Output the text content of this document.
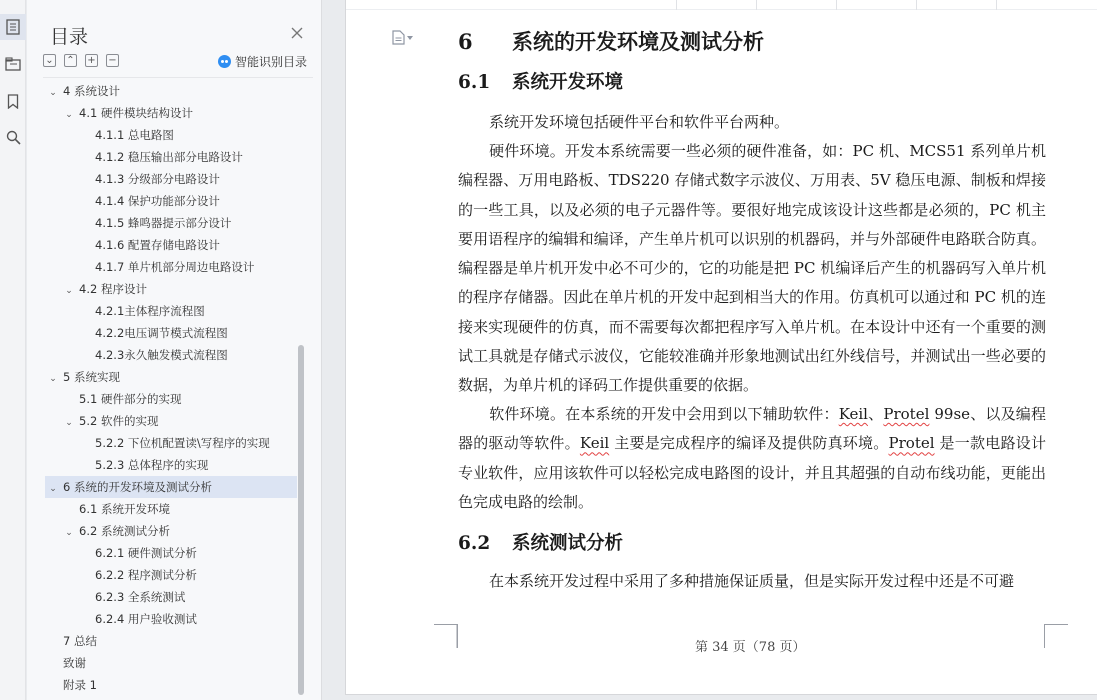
目录
⌄ ⌃ + −	智能识别目录
⌄ 4 系统设计
⌄ 4.1 硬件模块结构设计
4.1.1 总电路图
4.1.2 稳压输出部分电路设计
4.1.3 分级部分电路设计
4.1.4 保护功能部分设计
4.1.5 蜂鸣器提示部分设计
4.1.6 配置存储电路设计
4.1.7 单片机部分周边电路设计
⌄ 4.2 程序设计
4.2.1主体程序流程图
4.2.2电压调节模式流程图
4.2.3永久触发模式流程图
⌄ 5 系统实现
5.1 硬件部分的实现
⌄ 5.2 软件的实现
5.2.2 下位机配置读\写程序的实现
5.2.3 总体程序的实现
⌄ 6 系统的开发环境及测试分析
6.1 系统开发环境
⌄ 6.2 系统测试分析
6.2.1 硬件测试分析
6.2.2 程序测试分析
6.2.3 全系统测试
6.2.4 用户验收测试
7 总结
致谢
附录 1
6 系统的开发环境及测试分析
6.1 系统开发环境
系统开发环境包括硬件平台和软件平台两种。
硬件环境。开发本系统需要一些必须的硬件准备，如：PC 机、MCS51 系列单片机编程器、万用电路板、TDS220 存储式数字示波仪、万用表、5V 稳压电源、制板和焊接的一些工具，以及必须的电子元器件等。要很好地完成该设计这些都是必须的，PC 机主要用语程序的编辑和编译，产生单片机可以识别的机器码，并与外部硬件电路联合防真。编程器是单片机开发中必不可少的，它的功能是把 PC 机编译后产生的机器码写入单片机的程序存储器。因此在单片机的开发中起到相当大的作用。仿真机可以通过和 PC 机的连接来实现硬件的仿真，而不需要每次都把程序写入单片机。在本设计中还有一个重要的测试工具就是存储式示波仪，它能较准确并形象地测试出红外线信号，并测试出一些必要的数据，为单片机的译码工作提供重要的依据。
软件环境。在本系统的开发中会用到以下辅助软件：Keil、Protel 99se、以及编程器的驱动等软件。Keil 主要是完成程序的编译及提供防真环境。Protel 是一款电路设计专业软件，应用该软件可以轻松完成电路图的设计，并且其超强的自动布线功能，更能出色完成电路的绘制。
6.2 系统测试分析
在本系统开发过程中采用了多种措施保证质量，但是实际开发过程中还是不可避
第 34 页（78 页）
